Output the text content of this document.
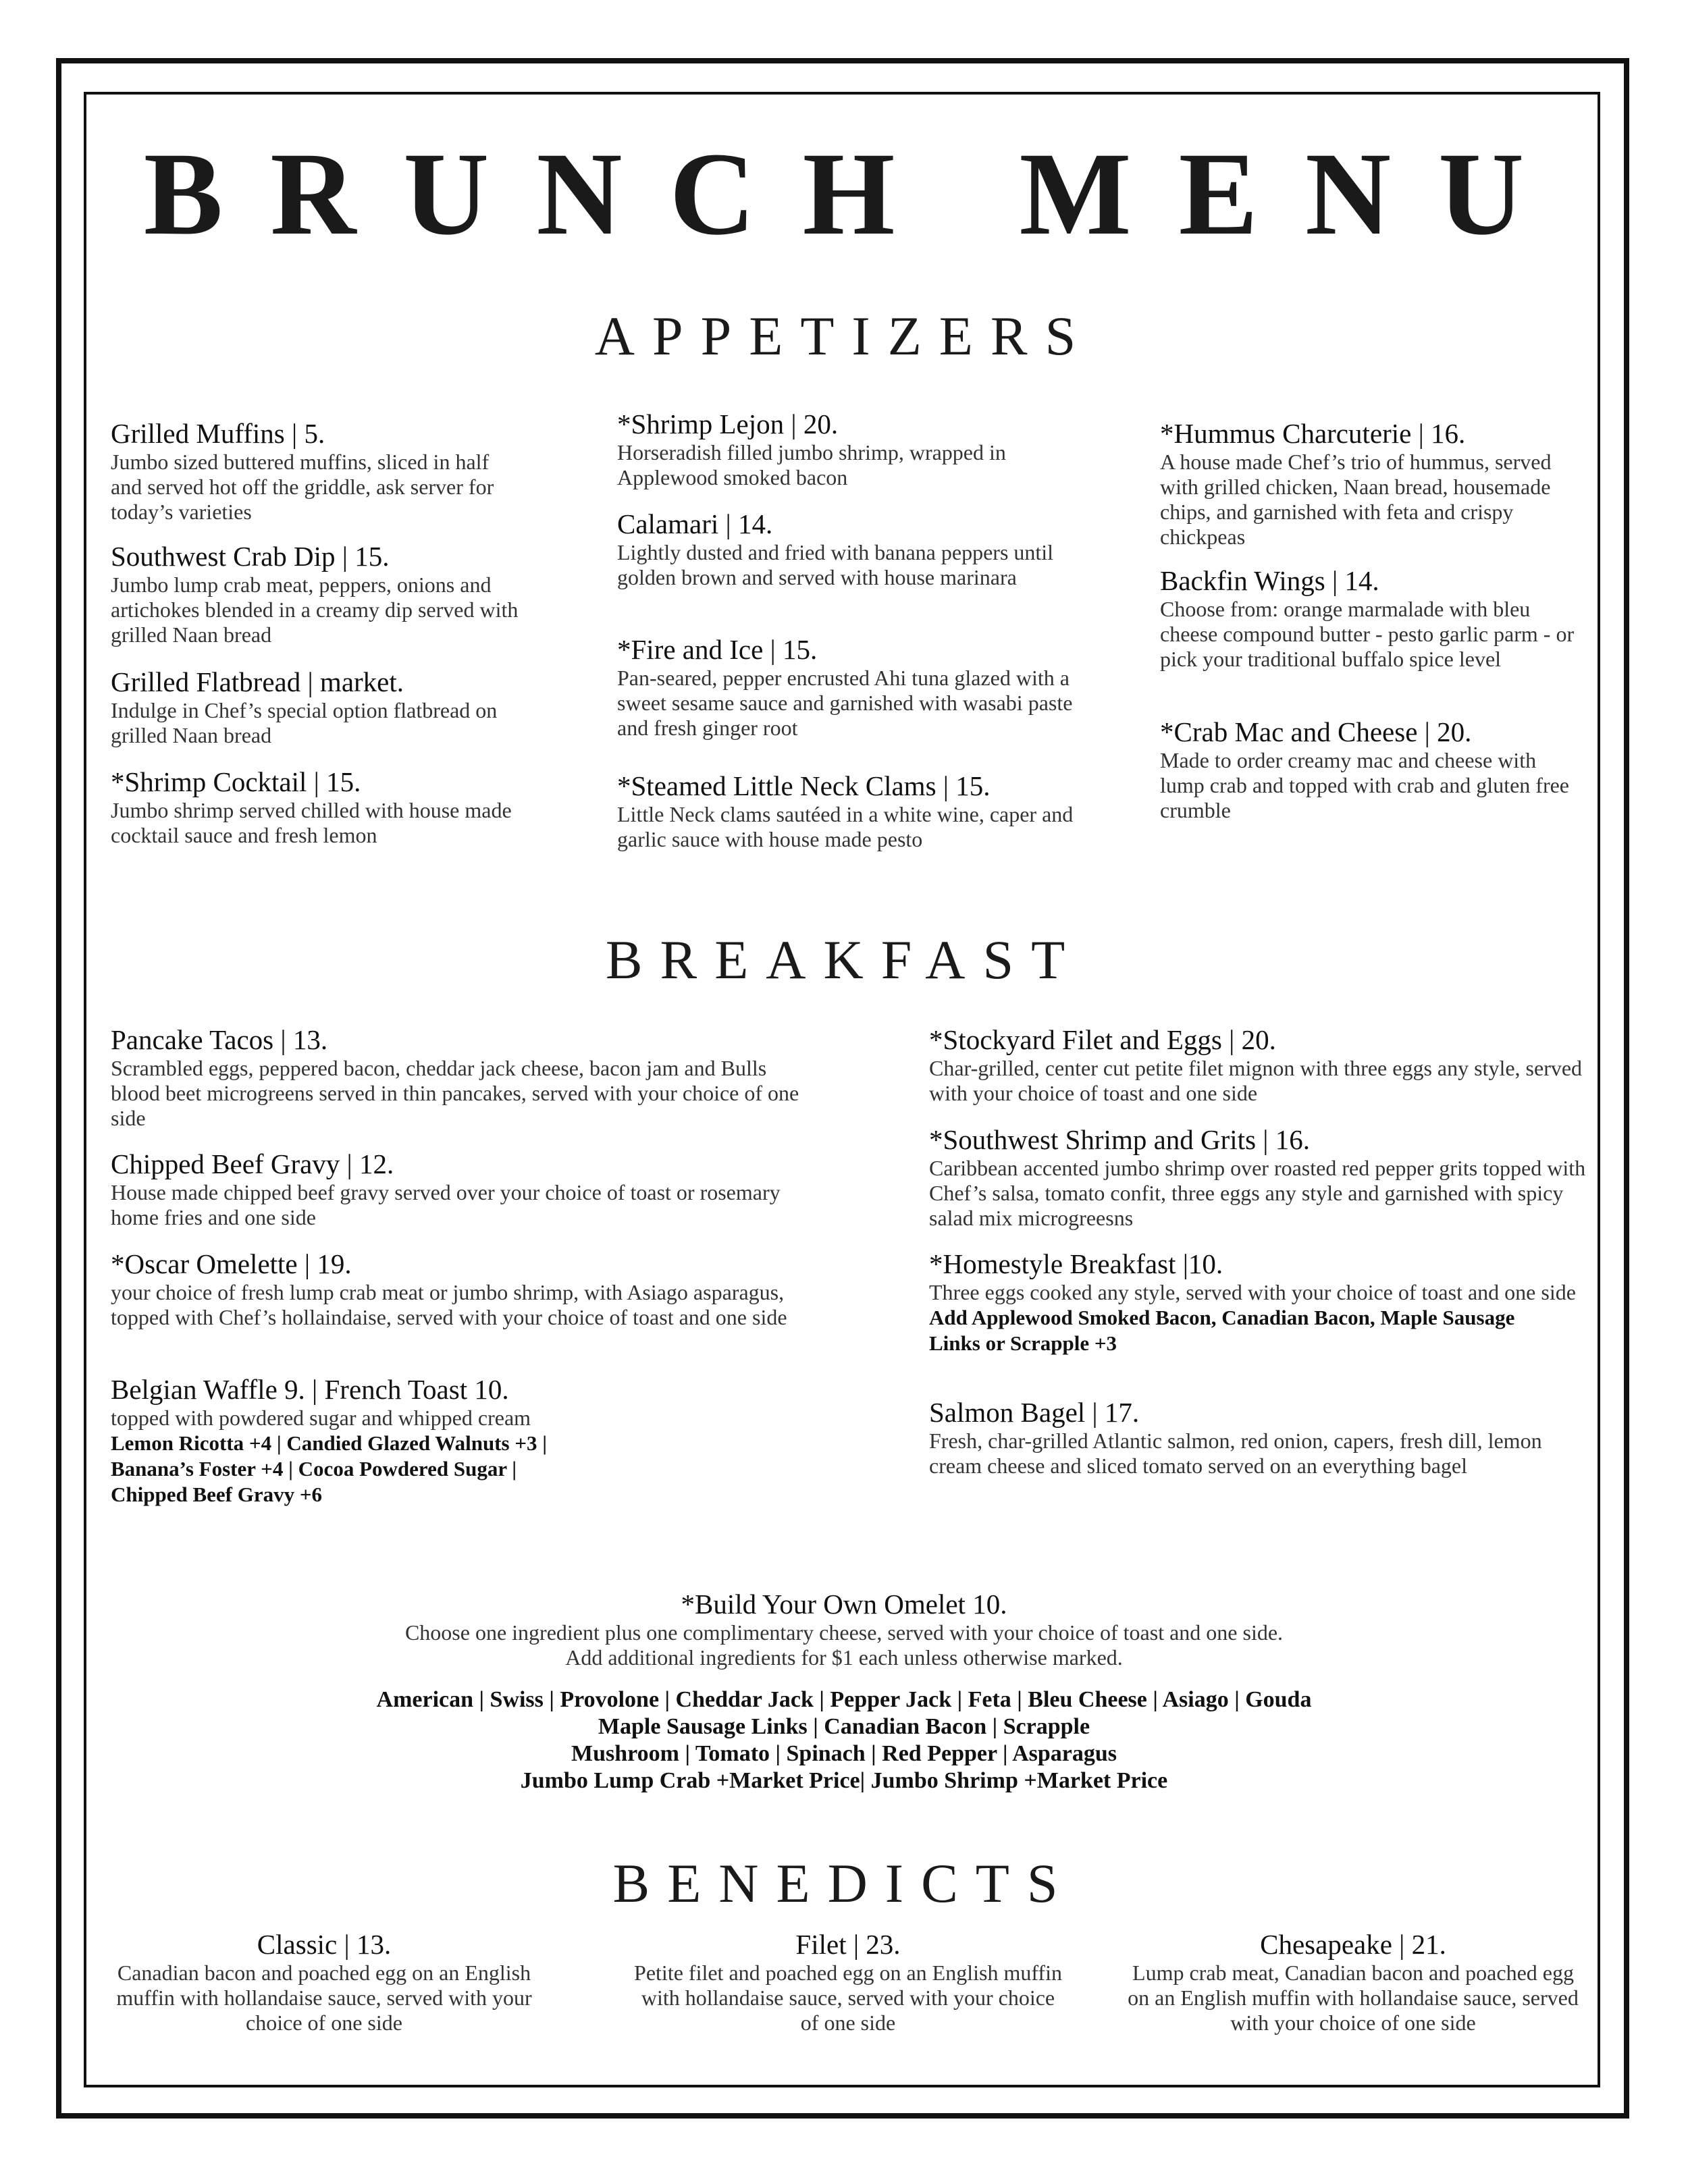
BRUNCH MENU
APPETIZERS
Grilled Muffins | 5.
Jumbo sized buttered muffins, sliced in half and served hot off the griddle, ask server for today’s varieties
Southwest Crab Dip | 15.
Jumbo lump crab meat, peppers, onions and artichokes blended in a creamy dip served with grilled Naan bread
Grilled Flatbread | market.
Indulge in Chef’s special option flatbread on grilled Naan bread
*Shrimp Cocktail | 15.
Jumbo shrimp served chilled with house made cocktail sauce and fresh lemon
*Shrimp Lejon | 20.
Horseradish filled jumbo shrimp, wrapped in Applewood smoked bacon
Calamari | 14.
Lightly dusted and fried with banana peppers until golden brown and served with house marinara
*Fire and Ice | 15.
Pan-seared, pepper encrusted Ahi tuna glazed with a sweet sesame sauce and garnished with wasabi paste and fresh ginger root
*Steamed Little Neck Clams | 15.
Little Neck clams sautéed in a white wine, caper and garlic sauce with house made pesto
*Hummus Charcuterie | 16.
A house made Chef’s trio of hummus, served with grilled chicken, Naan bread, housemade chips, and garnished with feta and crispy chickpeas
Backfin Wings | 14.
Choose from: orange marmalade with bleu cheese compound butter - pesto garlic parm - or pick your traditional buffalo spice level
*Crab Mac and Cheese | 20.
Made to order creamy mac and cheese with lump crab and topped with crab and gluten free crumble
BREAKFAST
Pancake Tacos | 13.
Scrambled eggs, peppered bacon, cheddar jack cheese, bacon jam and Bulls blood beet microgreens served in thin pancakes, served with your choice of one side
Chipped Beef Gravy | 12.
House made chipped beef gravy served over your choice of toast or rosemary home fries and one side
*Oscar Omelette | 19.
your choice of fresh lump crab meat or jumbo shrimp, with Asiago asparagus, topped with Chef’s hollaindaise, served with your choice of toast and one side
Belgian Waffle 9. | French Toast 10.
topped with powdered sugar and whipped cream
Lemon Ricotta +4 | Candied Glazed Walnuts +3 |
Banana’s Foster +4 | Cocoa Powdered Sugar |
Chipped Beef Gravy +6
*Stockyard Filet and Eggs | 20.
Char-grilled, center cut petite filet mignon with three eggs any style, served with your choice of toast and one side
*Southwest Shrimp and Grits | 16.
Caribbean accented jumbo shrimp over roasted red pepper grits topped with Chef’s salsa, tomato confit, three eggs any style and garnished with spicy salad mix microgreesns
*Homestyle Breakfast |10.
Three eggs cooked any style, served with your choice of toast and one side
Add Applewood Smoked Bacon, Canadian Bacon, Maple Sausage
Links or Scrapple +3
Salmon Bagel | 17.
Fresh, char-grilled Atlantic salmon, red onion, capers, fresh dill, lemon cream cheese and sliced tomato served on an everything bagel
*Build Your Own Omelet 10.
Choose one ingredient plus one complimentary cheese, served with your choice of toast and one side.
Add additional ingredients for $1 each unless otherwise marked.
American | Swiss | Provolone | Cheddar Jack | Pepper Jack | Feta | Bleu Cheese | Asiago | Gouda
Maple Sausage Links | Canadian Bacon | Scrapple
Mushroom | Tomato | Spinach | Red Pepper | Asparagus
Jumbo Lump Crab +Market Price| Jumbo Shrimp +Market Price
BENEDICTS
Classic | 13.
Canadian bacon and poached egg on an English muffin with hollandaise sauce, served with your choice of one side
Filet | 23.
Petite filet and poached egg on an English muffin with hollandaise sauce, served with your choice of one side
Chesapeake | 21.
Lump crab meat, Canadian bacon and poached egg on an English muffin with hollandaise sauce, served with your choice of one side
